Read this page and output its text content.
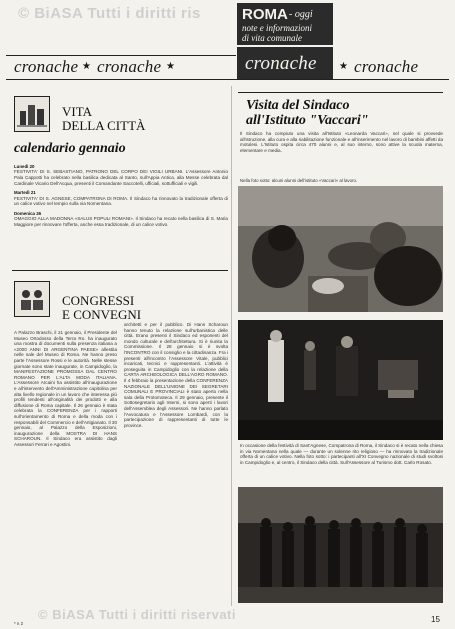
© BiASA Tutti i diritti ris	ROMA - oggi
note e informazioni
di vita comunale
cronache
cronache ★ cronache ★	★ cronache
VITA
DELLA CITTÀ
calendario gennaio
Lunedì 20
FESTIVITA' DI S. SEBASTIANO, PATRONO DEL CORPO DEI VIGILI URBANI. L'Assessore Antonio Pala Cappotti ha celebrato nella basilica dedicata al Santo, sull'Appia Antica, alla Messe celebrata dal Cardinale Vicario Dell'Acqua, presenti il Comandante Saccotelli, ufficiali, sottufficiali e vigili.
Martedì 21
FESTIVITA' DI S. AGNESE, COMPATRONA DI ROMA. Il Sindaco ha rinnovato la tradizionale offerta di un calice votivo nel tempio sulla via Nomentana.
Domenica 26
OMAGGIO ALLA MADONNA «SALUS POPULI ROMANI». Il Sindaco ha recato nella basilica di S. Maria Maggiore per rinnovare l'offerta, anche essa tradizionale, di un calice votivo.
CONGRESSI
E CONVEGNI
A Palazzo Braschi, il 21 gennaio, il Presidente del Museo Ortodosso della Terra Ro. ha inaugurato una mostra di documenti sulla presenza italiana a «2000 ANNI DI ARGENTINA PAESE» allestita nelle sale del Museo di Roma. Ne hanno preso parte l'Assessore Rossi e le autorità. Nelle stesse giornate sono state inaugurate, in Campidoglio, la MANIFESTAZIONE PROMOSSA DAL CENTRO ROMANO PER L'ALTA MODA ITALIANA. L'Assessore Arcaini ha assistito all'inaugurazione e all'intervento dell'Amministrazione capitolina per alta livello regionale in un lavoro che interessa più profili tendenti all'originalità dei prodotti e alla diffusione di Roma capitale. Il 26 gennaio è stata celebrata la CONFERENZA per i rapporti sull'orientamento di Roma e della moda con i responsabili del Commercio e dell'Artigianato. Il 30 gennaio, al Palazzo della Esposizioni, inaugurazione della MOSTRA DI HANS SCHAROUN. Il Sindaco era assistito dagli Assessori Ferrari e Agostini.
architetti e per il pubblico. Di Hans Scharoun hanno tenuto la relazione sull'urbanistica delle città. Erano presenti il Sindaco ed esponenti del mondo culturale e dell'architettura. Si è riunita la Commissione. Il 28 gennaio si è svolta l'INCONTRO con il consiglio e la cittadinanza. Fra i presenti all'incontro l'Assessore Vitale, pubblici incaricati, tecnici e rappresentanti. L'attività è proseguita in Campidoglio con la relazione della CARTA ARCHEOLOGICA DELL'AGRO ROMANO. Il 4 febbraio la presentazione della CONFERENZA NAZIONALE DELL'UNIONE DEI SEGRETARI COMUNALI E PROVINCIALI è stato aperto nella sala della Protomoteca. Il 29 gennaio, presente il Sottosegretario agli Interni, si sono aperti i lavori dell'Assemblea degli Assessori. Ne hanno parlato l'Avvocatura e l'Assessore Lombardi, con la partecipazione di rappresentanti di tutte le province.
Visita del Sindaco
all'Istituto "Vaccari"
Il Sindaco ha compiuto una visita all'Istituto «Leonarda Vaccari», nel quale si provvede all'istruzione, alla cura e alla riabilitazione funzionale e all'inserimento nel lavoro di bambini affetti da motulesi. L'Istituto ospita circa 470 alunni e, al suo interno, sono attive la scuola materna, elementare e media.
Nella foto sotto: alcuni alunni dell'istituto «Vaccari» al lavoro.
In occasione della festività di Sant'Agnese, Compatrona di Roma, il Sindaco si è recato nella chiesa in via Nomentana nella quale — durante un solenne rito religioso — ha rinnovato la tradizionale offerta di un calice votivo. Nella foto sotto: i partecipanti all'XI Convegno nazionale di studi svoltosi in Campidoglio e, al centro, il Sindaco della città. Sull'Assessore al Turismo dott. Carlo Rosato.
© BiASA Tutti i diritti riservati
* n 2	15
